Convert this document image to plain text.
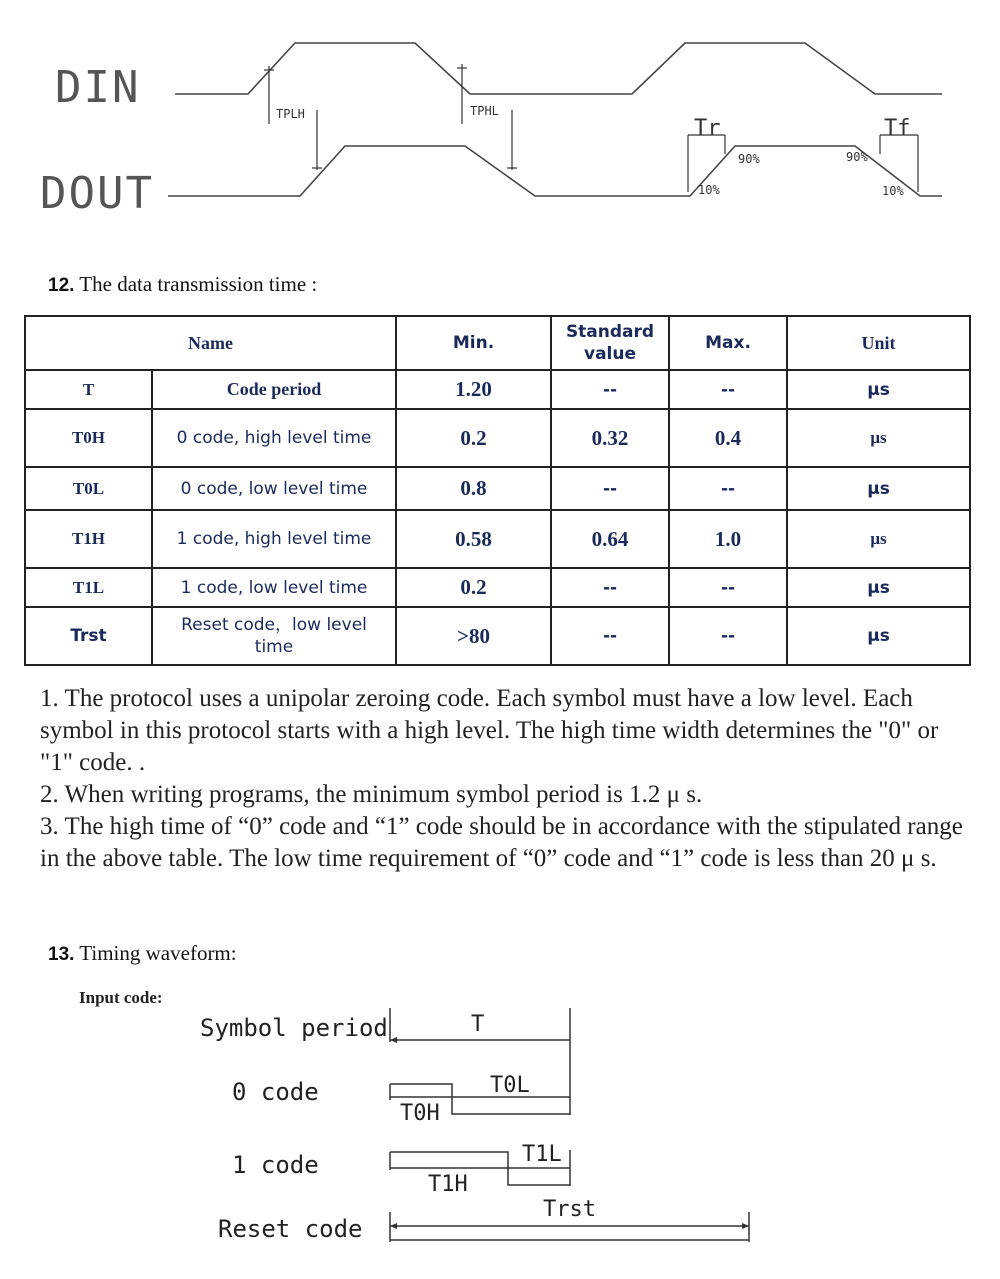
DIN
DOUT
TPLH	TPHL
Tr	Tf
90%
10%
90%
10%
12. The data transmission time :
Name		Min.	Standard value	Max.	Unit
T	Code period	1.20	--	--	μs
T0H	0 code, high level time	0.2	0.32	0.4	μs
T0L	0 code, low level time	0.8	--	--	μs
T1H	1 code, high level time	0.58	0.64	1.0	μs
T1L	1 code, low level time	0.2	--	--	μs
Trst	Reset code，low level time	>80	--	--	μs
1. The protocol uses a unipolar zeroing code. Each symbol must have a low level. Each symbol in this protocol starts with a high level. The high time width determines the "0" or "1" code. .
2. When writing programs, the minimum symbol period is 1.2 μ s.
3. The high time of “0” code and “1” code should be in accordance with the stipulated range in the above table. The low time requirement of “0” code and “1” code is less than 20 μ s.
13. Timing waveform:
Input code:
Symbol period
0 code
1 code
Reset code
T
T0L
T0H
T1L
T1H
Trst
